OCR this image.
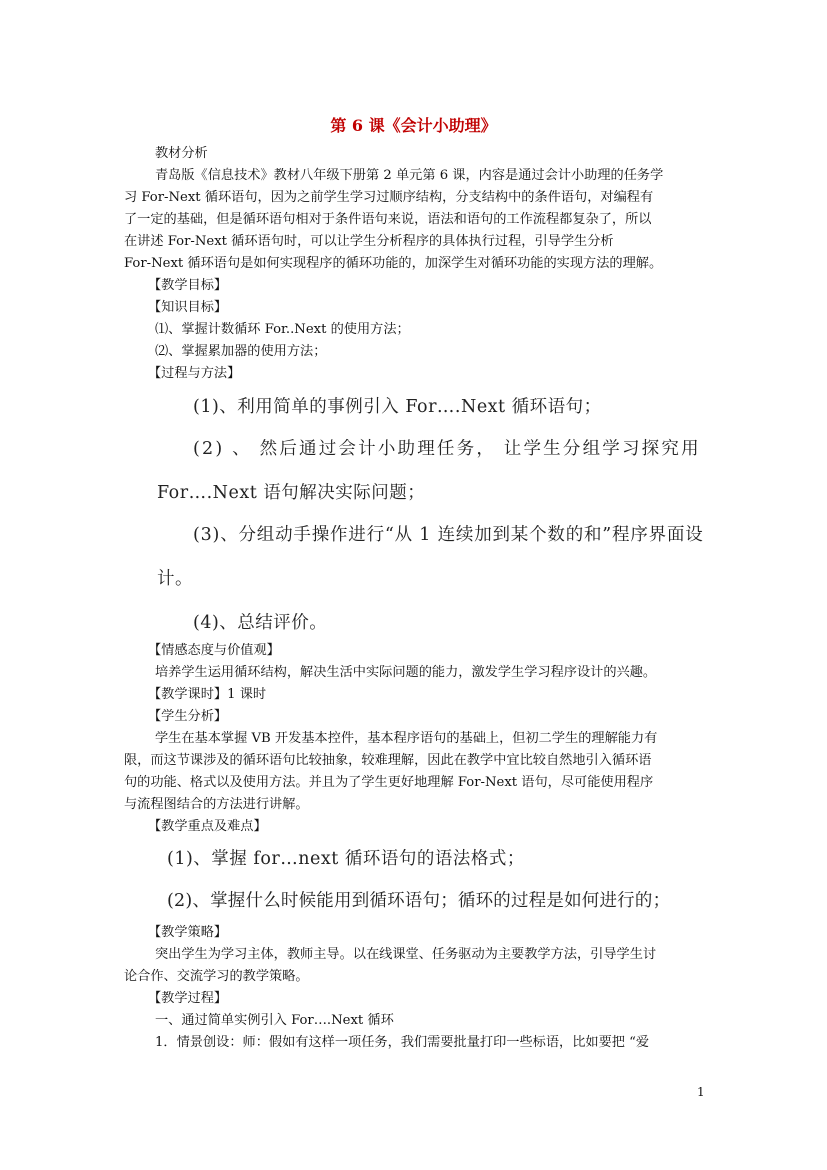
第 6 课《会计小助理》
教材分析
青岛版《信息技术》教材八年级下册第 2 单元第 6 课，内容是通过会计小助理的任务学
习 For-Next 循环语句，因为之前学生学习过顺序结构，分支结构中的条件语句，对编程有
了一定的基础，但是循环语句相对于条件语句来说，语法和语句的工作流程都复杂了，所以
在讲述 For-Next 循环语句时，可以让学生分析程序的具体执行过程，引导学生分析
For-Next 循环语句是如何实现程序的循环功能的，加深学生对循环功能的实现方法的理解。
【教学目标】
【知识目标】
⑴、掌握计数循环 For..Next 的使用方法；
⑵、掌握累加器的使用方法；
【过程与方法】
(1)、利用简单的事例引入 For….Next 循环语句；
(2) 、 然后通过会计小助理任务， 让学生分组学习探究用
For….Next 语句解决实际问题；
(3)、分组动手操作进行“从 1 连续加到某个数的和”程序界面设
计。
(4)、总结评价。
【情感态度与价值观】
培养学生运用循环结构，解决生活中实际问题的能力，激发学生学习程序设计的兴趣。
【教学课时】1 课时
【学生分析】
学生在基本掌握 VB 开发基本控件，基本程序语句的基础上，但初二学生的理解能力有
限，而这节课涉及的循环语句比较抽象，较难理解，因此在教学中宜比较自然地引入循环语
句的功能、格式以及使用方法。并且为了学生更好地理解 For-Next 语句，尽可能使用程序
与流程图结合的方法进行讲解。
【教学重点及难点】
(1)、掌握 for…next 循环语句的语法格式；
(2)、掌握什么时候能用到循环语句；循环的过程是如何进行的；
【教学策略】
突出学生为学习主体，教师主导。以在线课堂、任务驱动为主要教学方法，引导学生讨
论合作、交流学习的教学策略。
【教学过程】
一、通过简单实例引入 For….Next 循环
1．情景创设：师：假如有这样一项任务，我们需要批量打印一些标语，比如要把 “爱
1
